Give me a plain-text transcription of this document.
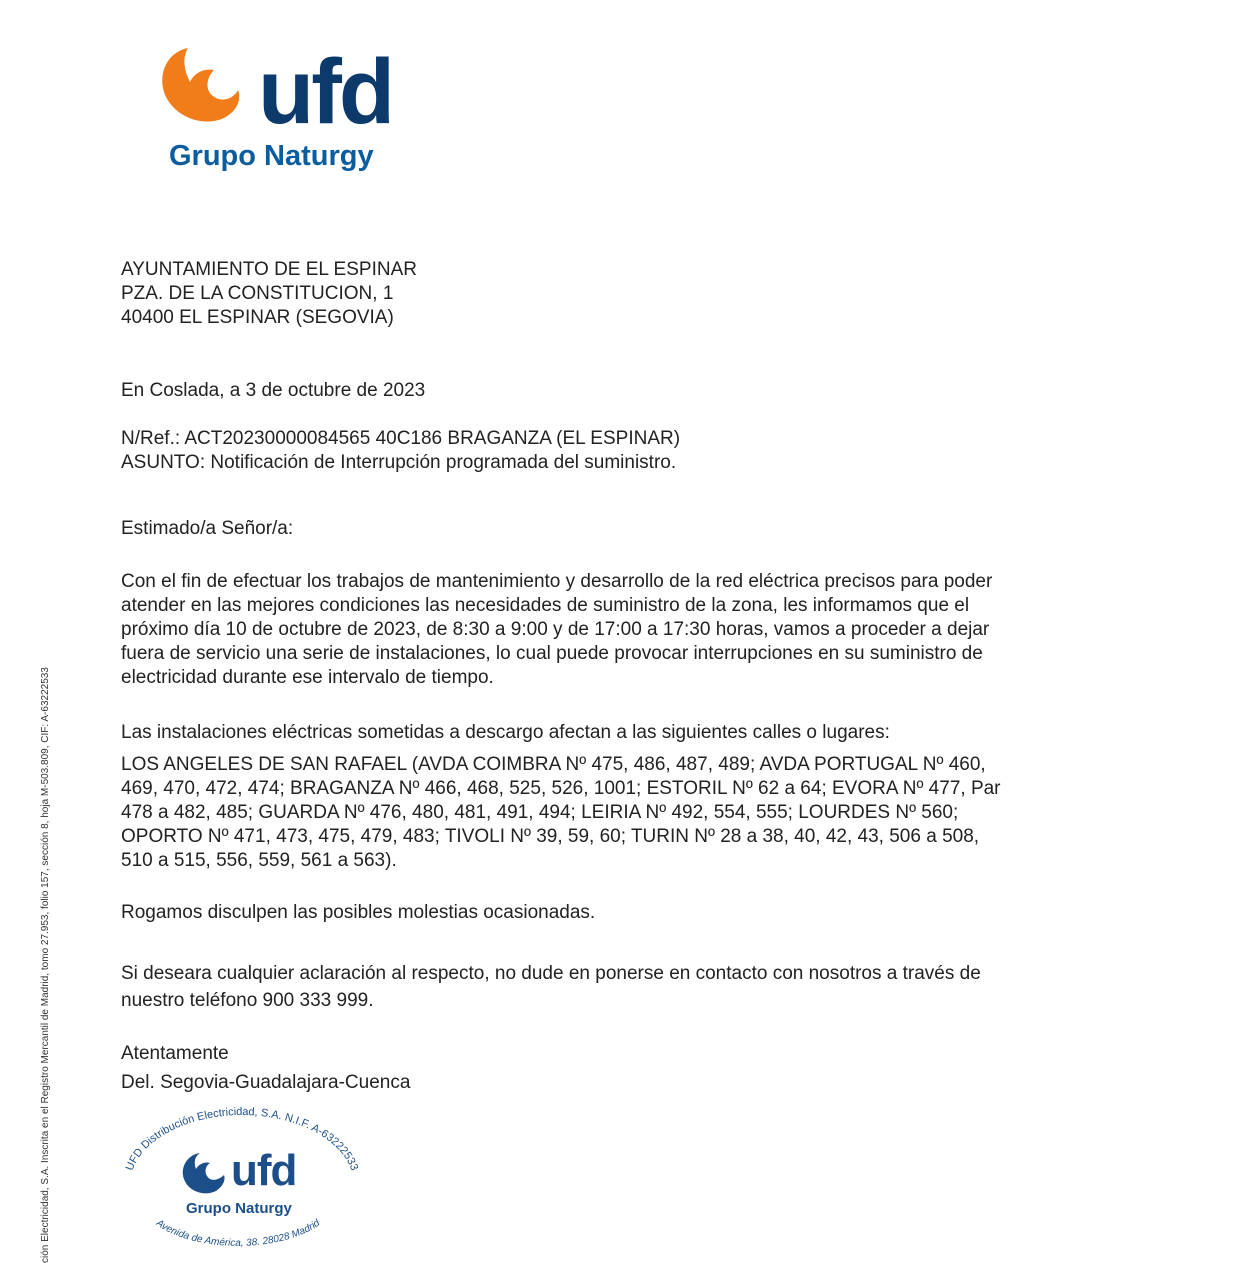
ufd
Grupo Naturgy
AYUNTAMIENTO DE EL ESPINAR
PZA. DE LA CONSTITUCION, 1
40400 EL ESPINAR (SEGOVIA)
En Coslada, a 3 de octubre de 2023
N/Ref.: ACT20230000084565 40C186 BRAGANZA (EL ESPINAR)
ASUNTO: Notificación de Interrupción programada del suministro.
Estimado/a Señor/a:
Con el fin de efectuar los trabajos de mantenimiento y desarrollo de la red eléctrica precisos para poder
atender en las mejores condiciones las necesidades de suministro de la zona, les informamos que el
próximo día 10 de octubre de 2023, de 8:30 a 9:00 y de 17:00 a 17:30 horas, vamos a proceder a dejar
fuera de servicio una serie de instalaciones, lo cual puede provocar interrupciones en su suministro de
electricidad durante ese intervalo de tiempo.
Las instalaciones eléctricas sometidas a descargo afectan a las siguientes calles o lugares:
LOS ANGELES DE SAN RAFAEL (AVDA COIMBRA Nº 475, 486, 487, 489; AVDA PORTUGAL Nº 460,
469, 470, 472, 474; BRAGANZA Nº 466, 468, 525, 526, 1001; ESTORIL Nº 62 a 64; EVORA Nº 477, Par
478 a 482, 485; GUARDA Nº 476, 480, 481, 491, 494; LEIRIA Nº 492, 554, 555; LOURDES Nº 560;
OPORTO Nº 471, 473, 475, 479, 483; TIVOLI Nº 39, 59, 60; TURIN Nº 28 a 38, 40, 42, 43, 506 a 508,
510 a 515, 556, 559, 561 a 563).
Rogamos disculpen las posibles molestias ocasionadas.
Si deseara cualquier aclaración al respecto, no dude en ponerse en contacto con nosotros a través de
nuestro teléfono 900 333 999.
Atentamente
Del. Segovia-Guadalajara-Cuenca
UFD Distribución Electricidad, S.A. N.I.F. A-63222533
Avenida de América, 38. 28028 Madrid
ufd
Grupo Naturgy
ción Electricidad, S.A. Inscrita en el Registro Mercantil de Madrid, tomo 27.953, folio 157, sección 8, hoja M-503.809, CIF: A-63222533
